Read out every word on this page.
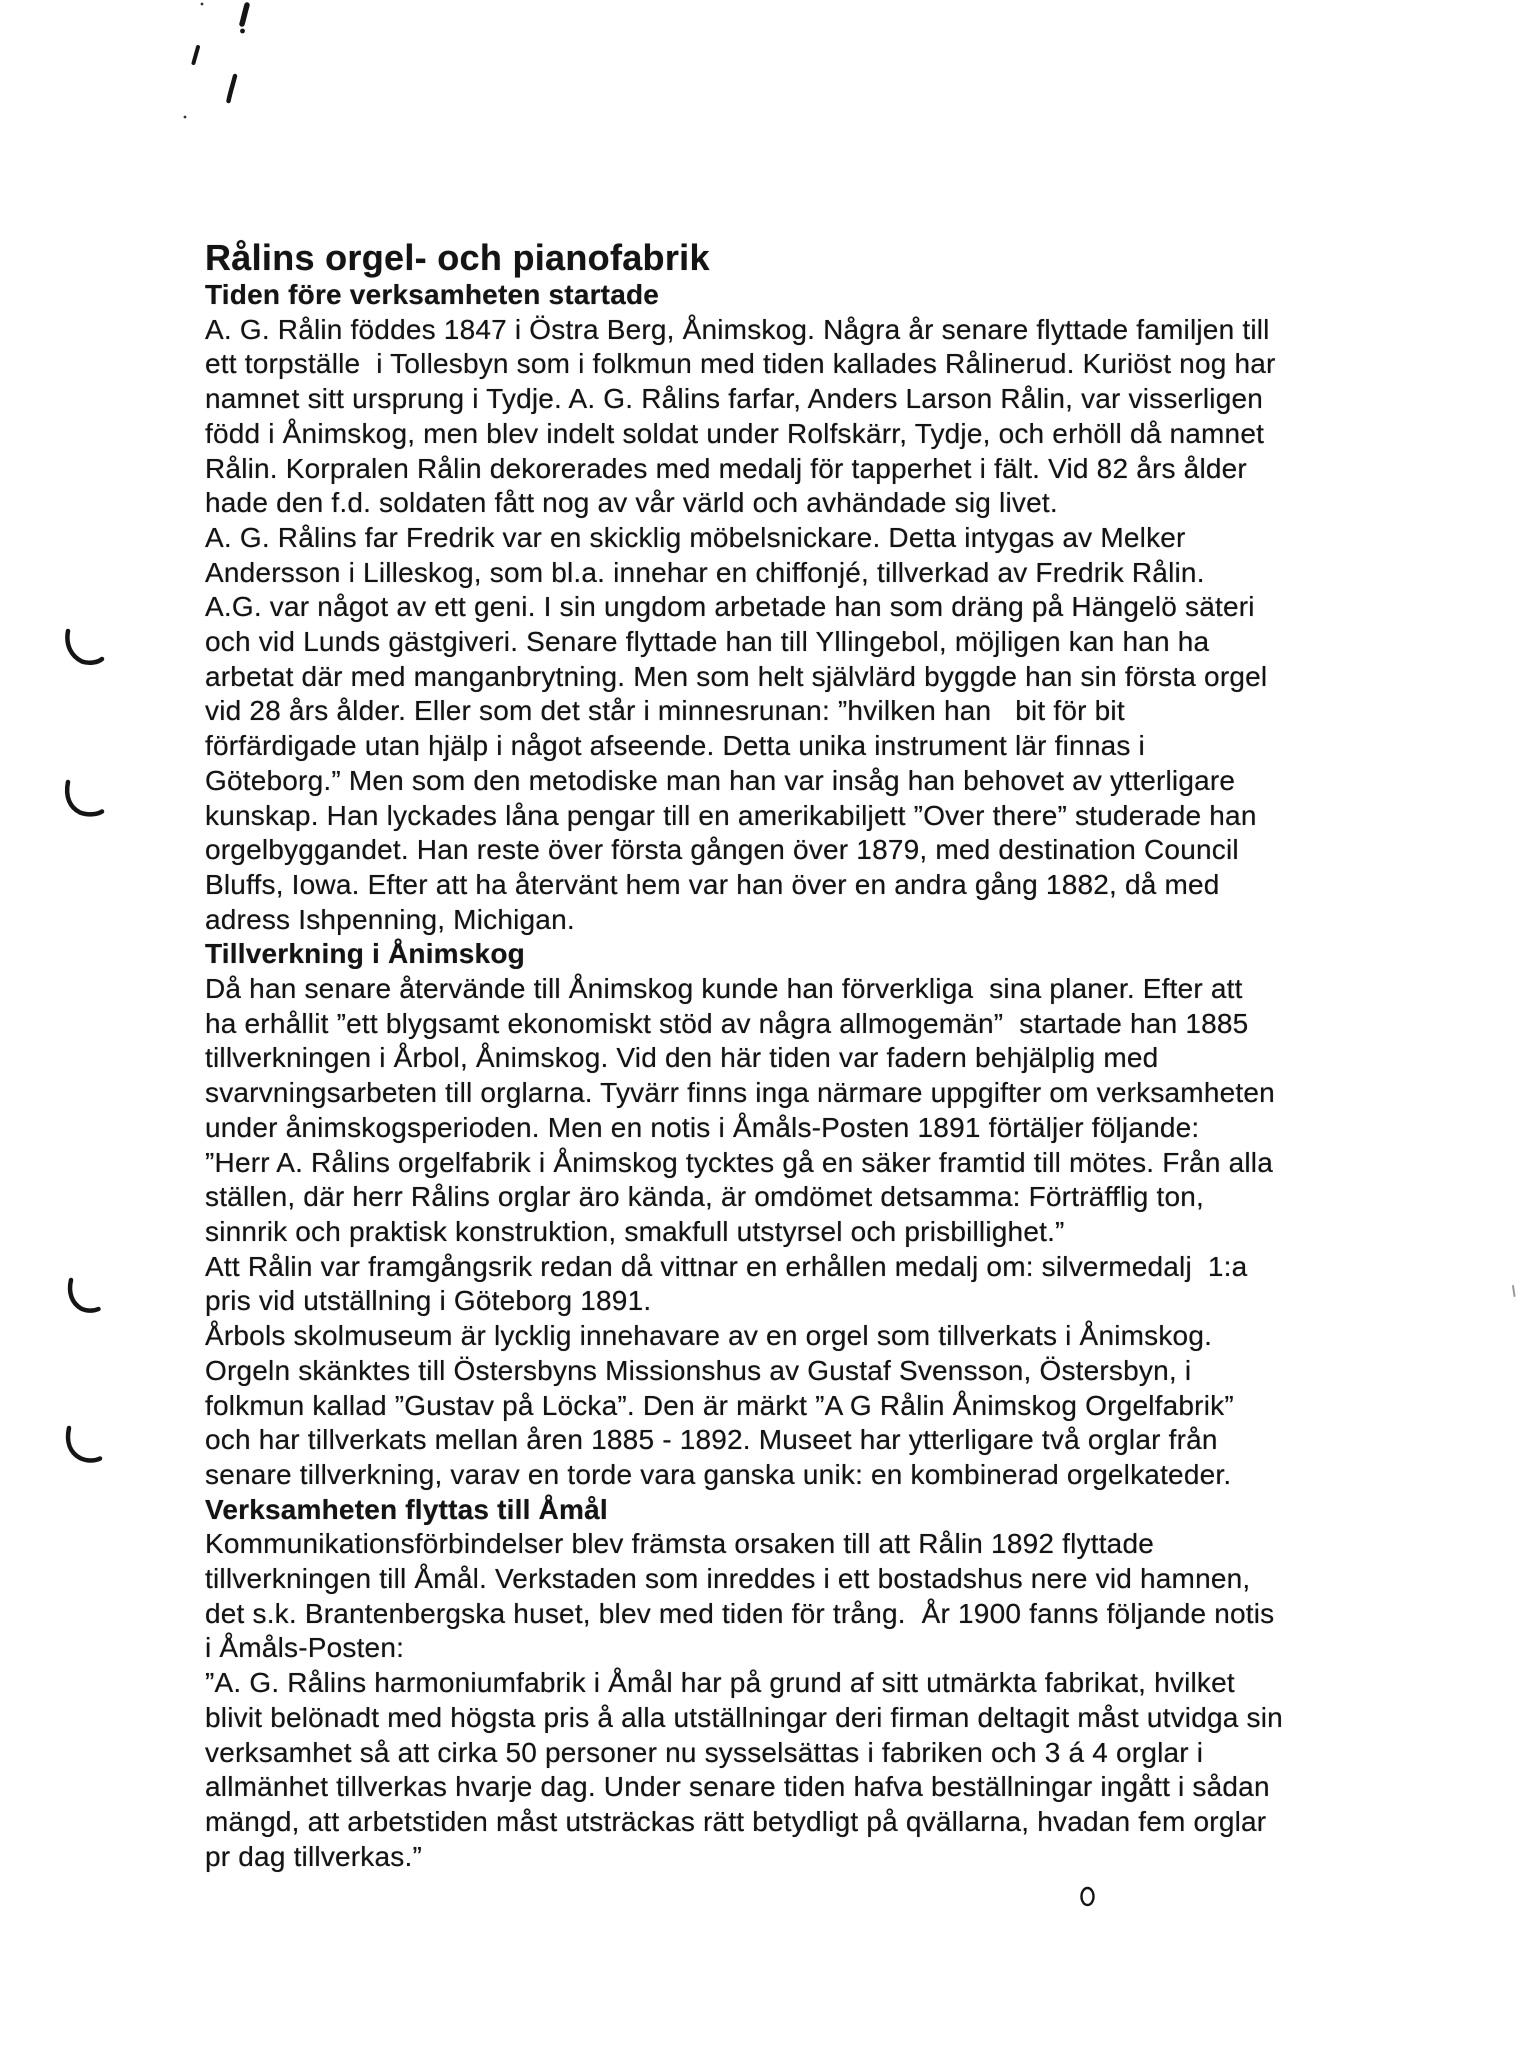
Rålins orgel- och pianofabrik
Tiden före verksamheten startade
A. G. Rålin föddes 1847 i Östra Berg, Ånimskog. Några år senare flyttade familjen till
ett torpställe  i Tollesbyn som i folkmun med tiden kallades Rålinerud. Kuriöst nog har
namnet sitt ursprung i Tydje. A. G. Rålins farfar, Anders Larson Rålin, var visserligen
född i Ånimskog, men blev indelt soldat under Rolfskärr, Tydje, och erhöll då namnet
Rålin. Korpralen Rålin dekorerades med medalj för tapperhet i fält. Vid 82 års ålder
hade den f.d. soldaten fått nog av vår värld och avhändade sig livet.
A. G. Rålins far Fredrik var en skicklig möbelsnickare. Detta intygas av Melker
Andersson i Lilleskog, som bl.a. innehar en chiffonjé, tillverkad av Fredrik Rålin.
A.G. var något av ett geni. I sin ungdom arbetade han som dräng på Hängelö säteri
och vid Lunds gästgiveri. Senare flyttade han till Yllingebol, möjligen kan han ha
arbetat där med manganbrytning. Men som helt självlärd byggde han sin första orgel
vid 28 års ålder. Eller som det står i minnesrunan: ”hvilken han   bit för bit
förfärdigade utan hjälp i något afseende. Detta unika instrument lär finnas i
Göteborg.” Men som den metodiske man han var insåg han behovet av ytterligare
kunskap. Han lyckades låna pengar till en amerikabiljett ”Over there” studerade han
orgelbyggandet. Han reste över första gången över 1879, med destination Council
Bluffs, Iowa. Efter att ha återvänt hem var han över en andra gång 1882, då med
adress Ishpenning, Michigan.
Tillverkning i Ånimskog
Då han senare återvände till Ånimskog kunde han förverkliga  sina planer. Efter att
ha erhållit ”ett blygsamt ekonomiskt stöd av några allmogemän”  startade han 1885
tillverkningen i Årbol, Ånimskog. Vid den här tiden var fadern behjälplig med
svarvningsarbeten till orglarna. Tyvärr finns inga närmare uppgifter om verksamheten
under ånimskogsperioden. Men en notis i Åmåls-Posten 1891 förtäljer följande:
”Herr A. Rålins orgelfabrik i Ånimskog tycktes gå en säker framtid till mötes. Från alla
ställen, där herr Rålins orglar äro kända, är omdömet detsamma: Förträfflig ton,
sinnrik och praktisk konstruktion, smakfull utstyrsel och prisbillighet.”
Att Rålin var framgångsrik redan då vittnar en erhållen medalj om: silvermedalj  1:a
pris vid utställning i Göteborg 1891.
Årbols skolmuseum är lycklig innehavare av en orgel som tillverkats i Ånimskog.
Orgeln skänktes till Östersbyns Missionshus av Gustaf Svensson, Östersbyn, i
folkmun kallad ”Gustav på Löcka”. Den är märkt ”A G Rålin Ånimskog Orgelfabrik”
och har tillverkats mellan åren 1885 - 1892. Museet har ytterligare två orglar från
senare tillverkning, varav en torde vara ganska unik: en kombinerad orgelkateder.
Verksamheten flyttas till Åmål
Kommunikationsförbindelser blev främsta orsaken till att Rålin 1892 flyttade
tillverkningen till Åmål. Verkstaden som inreddes i ett bostadshus nere vid hamnen,
det s.k. Brantenbergska huset, blev med tiden för trång.  År 1900 fanns följande notis
i Åmåls-Posten:
”A. G. Rålins harmoniumfabrik i Åmål har på grund af sitt utmärkta fabrikat, hvilket
blivit belönadt med högsta pris å alla utställningar deri firman deltagit måst utvidga sin
verksamhet så att cirka 50 personer nu sysselsättas i fabriken och 3 á 4 orglar i
allmänhet tillverkas hvarje dag. Under senare tiden hafva beställningar ingått i sådan
mängd, att arbetstiden måst utsträckas rätt betydligt på qvällarna, hvadan fem orglar
pr dag tillverkas.”
